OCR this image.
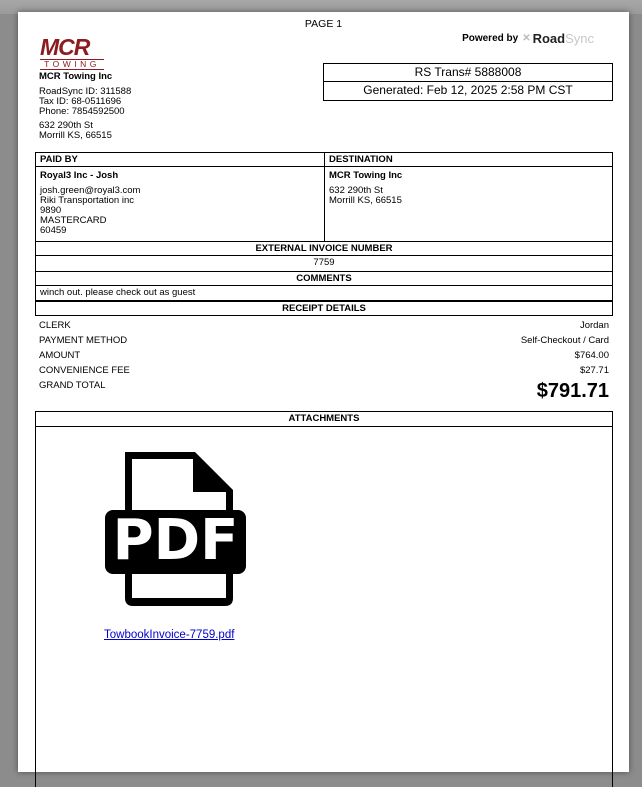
PAGE 1
Powered by ✕ Road Sync
MCR
TOWING
MCR Towing Inc
RoadSync ID: 311588
Tax ID: 68-0511696
Phone: 7854592500
632 290th St
Morrill KS, 66515
RS Trans# 5888008
Generated: Feb 12, 2025 2:58 PM CST
PAID BY
Royal3 Inc - Josh
josh.green@royal3.com
Riki Transportation inc
9890
MASTERCARD
60459
DESTINATION
MCR Towing Inc
632 290th St
Morrill KS, 66515
EXTERNAL INVOICE NUMBER
7759
COMMENTS
winch out. please check out as guest
RECEIPT DETAILS
CLERK	Jordan
PAYMENT METHOD	Self-Checkout / Card
AMOUNT	$764.00
CONVENIENCE FEE	$27.71
GRAND TOTAL	$791.71
ATTACHMENTS
PDF
TowbookInvoice-7759.pdf
